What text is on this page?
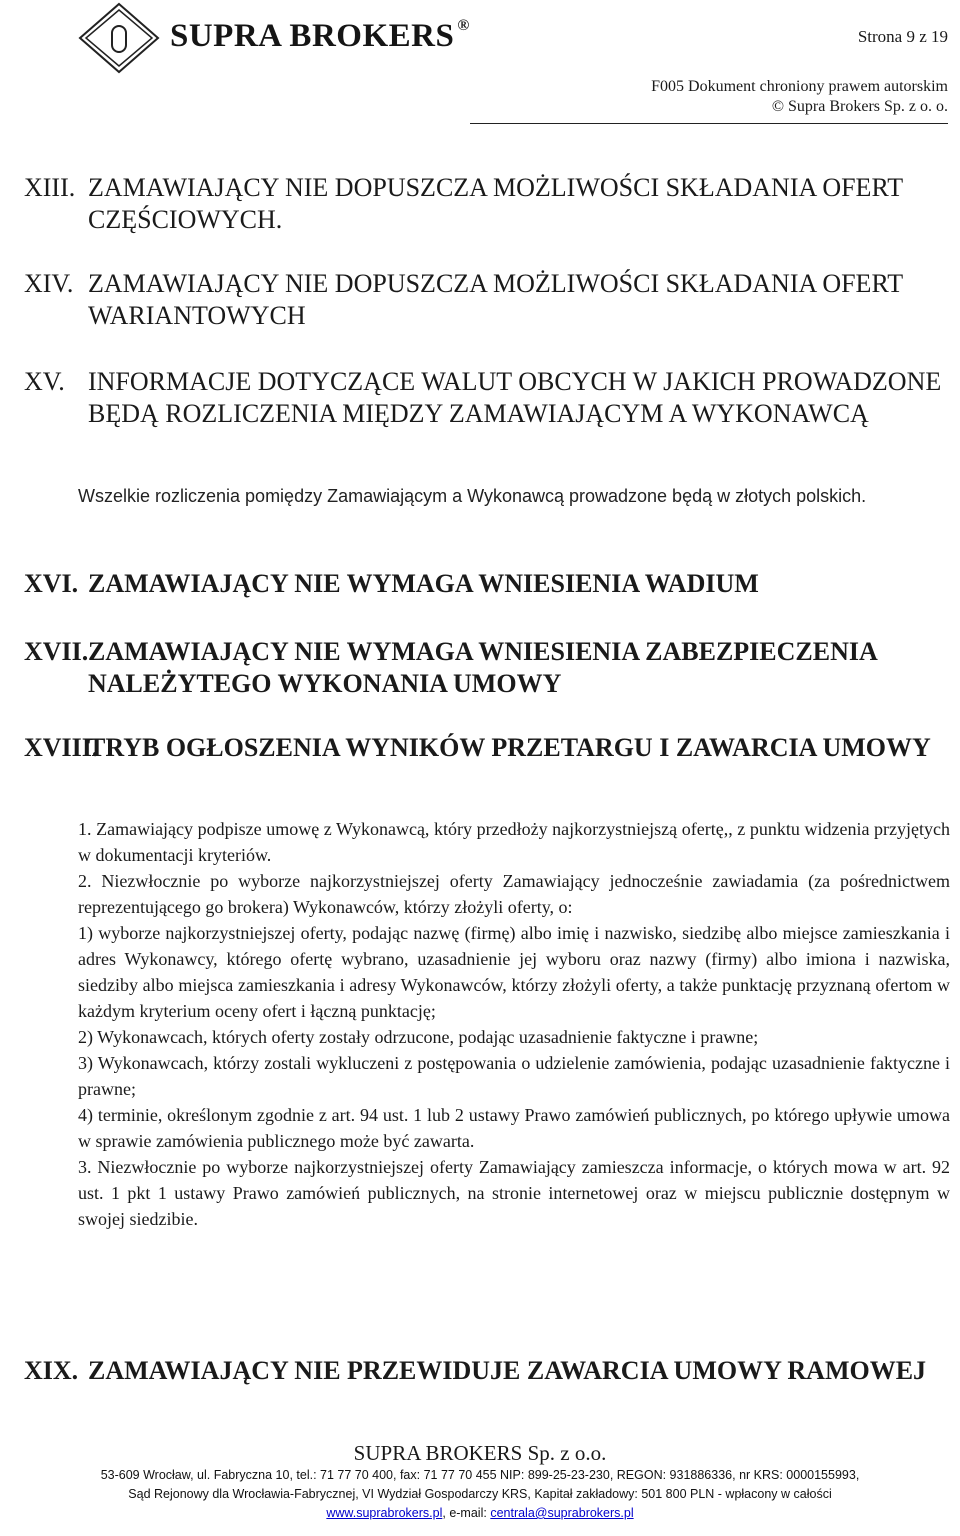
SUPRA BROKERS ®
Strona 9 z 19
F005 Dokument chroniony prawem autorskim
© Supra Brokers Sp. z o. o.
XIII. ZAMAWIAJĄCY NIE DOPUSZCZA MOŻLIWOŚCI SKŁADANIA OFERT CZĘŚCIOWYCH.
XIV. ZAMAWIAJĄCY NIE DOPUSZCZA MOŻLIWOŚCI SKŁADANIA OFERT WARIANTOWYCH
XV. INFORMACJE DOTYCZĄCE WALUT OBCYCH W JAKICH PROWADZONE BĘDĄ ROZLICZENIA MIĘDZY ZAMAWIAJĄCYM A WYKONAWCĄ
Wszelkie rozliczenia pomiędzy Zamawiającym a Wykonawcą prowadzone będą w złotych polskich.
XVI. ZAMAWIAJĄCY NIE WYMAGA WNIESIENIA WADIUM
XVII. ZAMAWIAJĄCY NIE WYMAGA WNIESIENIA ZABEZPIECZENIA NALEŻYTEGO WYKONANIA UMOWY
XVIII.
TRYB OGŁOSZENIA WYNIKÓW PRZETARGU I ZAWARCIA UMOWY

1. Zamawiający podpisze umowę z Wykonawcą, który przedłoży najkorzystniejszą ofertę,, z punktu widzenia przyjętych w dokumentacji kryteriów.

2. Niezwłocznie po wyborze najkorzystniejszej oferty Zamawiający jednocześnie zawiadamia (za pośrednictwem reprezentującego go brokera) Wykonawców, którzy złożyli oferty, o:

1) wyborze najkorzystniejszej oferty, podając nazwę (firmę) albo imię i nazwisko, siedzibę albo miejsce zamieszkania i adres Wykonawcy, którego ofertę wybrano, uzasadnienie jej wyboru oraz nazwy (firmy) albo imiona i nazwiska, siedziby albo miejsca zamieszkania i adresy Wykonawców, którzy złożyli oferty, a także punktację przyznaną ofertom w każdym kryterium oceny ofert i łączną punktację;

2) Wykonawcach, których oferty zostały odrzucone, podając uzasadnienie faktyczne i prawne;

3) Wykonawcach, którzy zostali wykluczeni z postępowania o udzielenie zamówienia, podając uzasadnienie faktyczne i prawne;

4) terminie, określonym zgodnie z art. 94 ust. 1 lub 2 ustawy Prawo zamówień publicznych, po którego upływie umowa w sprawie zamówienia publicznego może być zawarta.

3. Niezwłocznie po wyborze najkorzystniejszej oferty Zamawiający zamieszcza informacje, o których mowa w art. 92 ust. 1 pkt 1 ustawy Prawo zamówień publicznych, na stronie internetowej oraz w miejscu publicznie dostępnym w swojej siedzibie.

XIX. ZAMAWIAJĄCY NIE PRZEWIDUJE ZAWARCIA UMOWY RAMOWEJ
SUPRA BROKERS Sp. z o.o.
53-609 Wrocław, ul. Fabryczna 10, tel.: 71 77 70 400, fax: 71 77 70 455 NIP: 899-25-23-230, REGON: 931886336, nr KRS: 0000155993,
Sąd Rejonowy dla Wrocławia-Fabrycznej, VI Wydział Gospodarczy KRS, Kapitał zakładowy: 501 800 PLN - wpłacony w całości
www.suprabrokers.pl, e-mail: centrala@suprabrokers.pl
